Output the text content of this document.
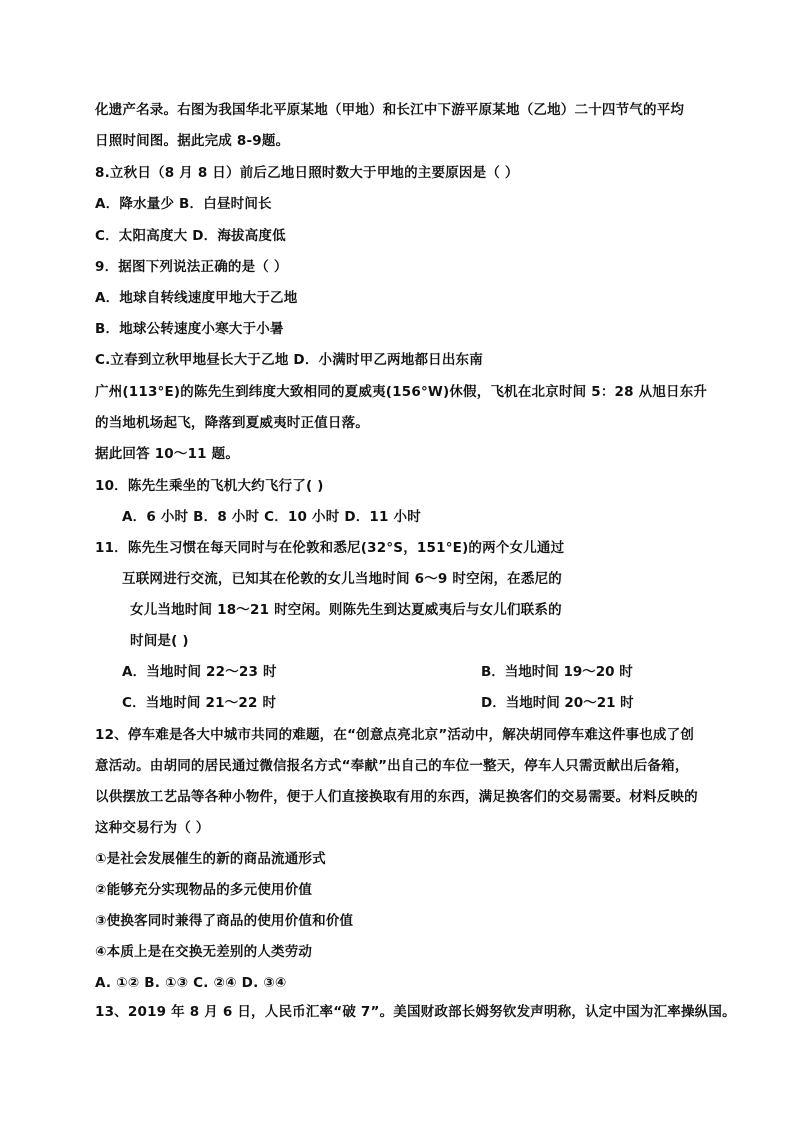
化遗产名录。右图为我国华北平原某地（甲地）和长江中下游平原某地（乙地）二十四节气的平均
日照时间图。据此完成 8-9题。
8.立秋日（8 月 8 日）前后乙地日照时数大于甲地的主要原因是（ ）
A．降水量少 B．白昼时间长
C．太阳高度大 D．海拔高度低
9．据图下列说法正确的是（ ）
A．地球自转线速度甲地大于乙地
B．地球公转速度小寒大于小暑
C.立春到立秋甲地昼长大于乙地 D．小满时甲乙两地都日出东南
广州(113°E)的陈先生到纬度大致相同的夏威夷(156°W)休假，飞机在北京时间 5：28 从旭日东升
的当地机场起飞，降落到夏威夷时正值日落。
据此回答 10～11 题。
10．陈先生乘坐的飞机大约飞行了( )
A．6 小时 B．8 小时 C．10 小时 D．11 小时
11．陈先生习惯在每天同时与在伦敦和悉尼(32°S，151°E)的两个女儿通过
互联网进行交流，已知其在伦敦的女儿当地时间 6～9 时空闲，在悉尼的
女儿当地时间 18～21 时空闲。则陈先生到达夏威夷后与女儿们联系的
时间是( )
A．当地时间 22～23 时	B．当地时间 19～20 时
C．当地时间 21～22 时	D．当地时间 20～21 时
12、停车难是各大中城市共同的难题，在“创意点亮北京”活动中，解决胡同停车难这件事也成了创
意活动。由胡同的居民通过微信报名方式“奉献”出自己的车位一整天，停车人只需贡献出后备箱，
以供摆放工艺品等各种小物件，便于人们直接换取有用的东西，满足换客们的交易需要。材料反映的
这种交易行为（ ）
①是社会发展催生的新的商品流通形式
②能够充分实现物品的多元使用价值
③使换客同时兼得了商品的使用价值和价值
④本质上是在交换无差别的人类劳动
A. ①② B. ①③ C. ②④ D. ③④
13、2019 年 8 月 6 日，人民币汇率“破 7”。美国财政部长姆努钦发声明称，认定中国为汇率操纵国。
